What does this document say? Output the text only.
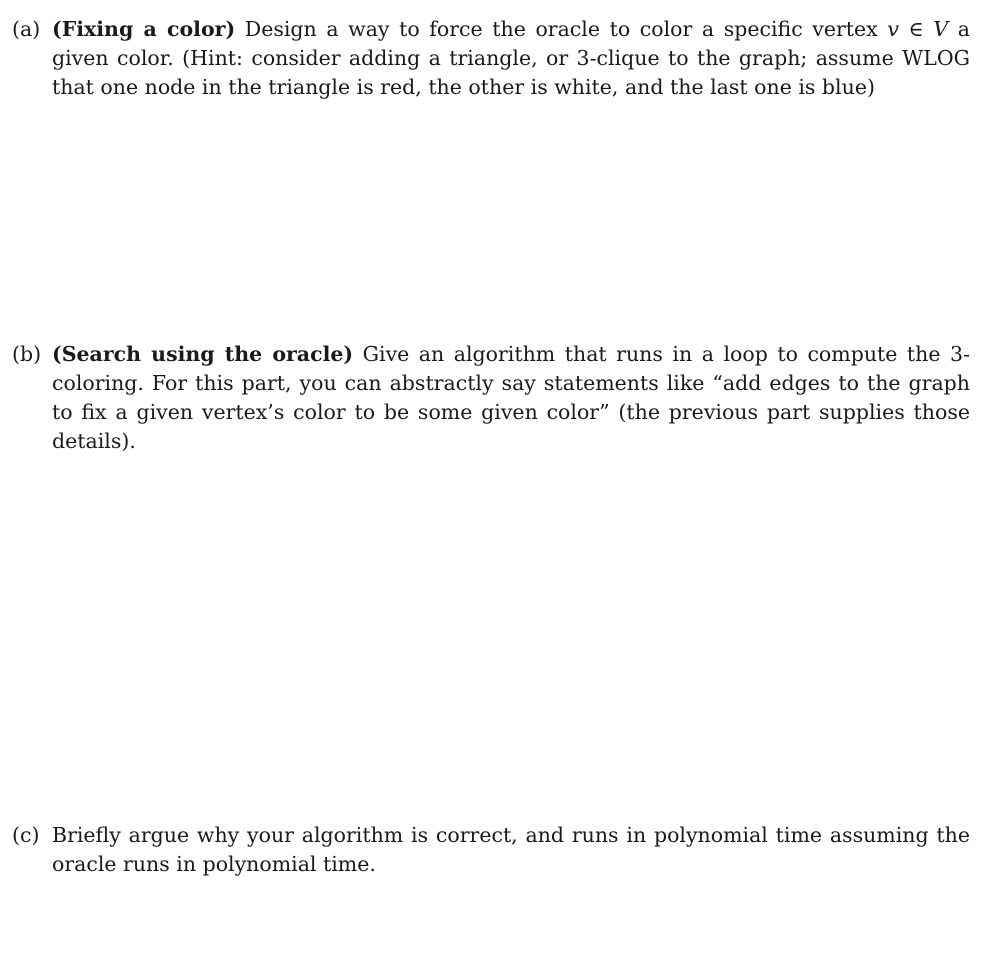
(a) (Fixing a color) Design a way to force the oracle to color a specific vertex v ∈ V a given color. (Hint: consider adding a triangle, or 3-clique to the graph; assume WLOG that one node in the triangle is red, the other is white, and the last one is blue)
(b) (Search using the oracle) Give an algorithm that runs in a loop to compute the 3-coloring. For this part, you can abstractly say statements like “add edges to the graph to fix a given vertex’s color to be some given color” (the previous part supplies those details).
(c) Briefly argue why your algorithm is correct, and runs in polynomial time assuming the oracle runs in polynomial time.
